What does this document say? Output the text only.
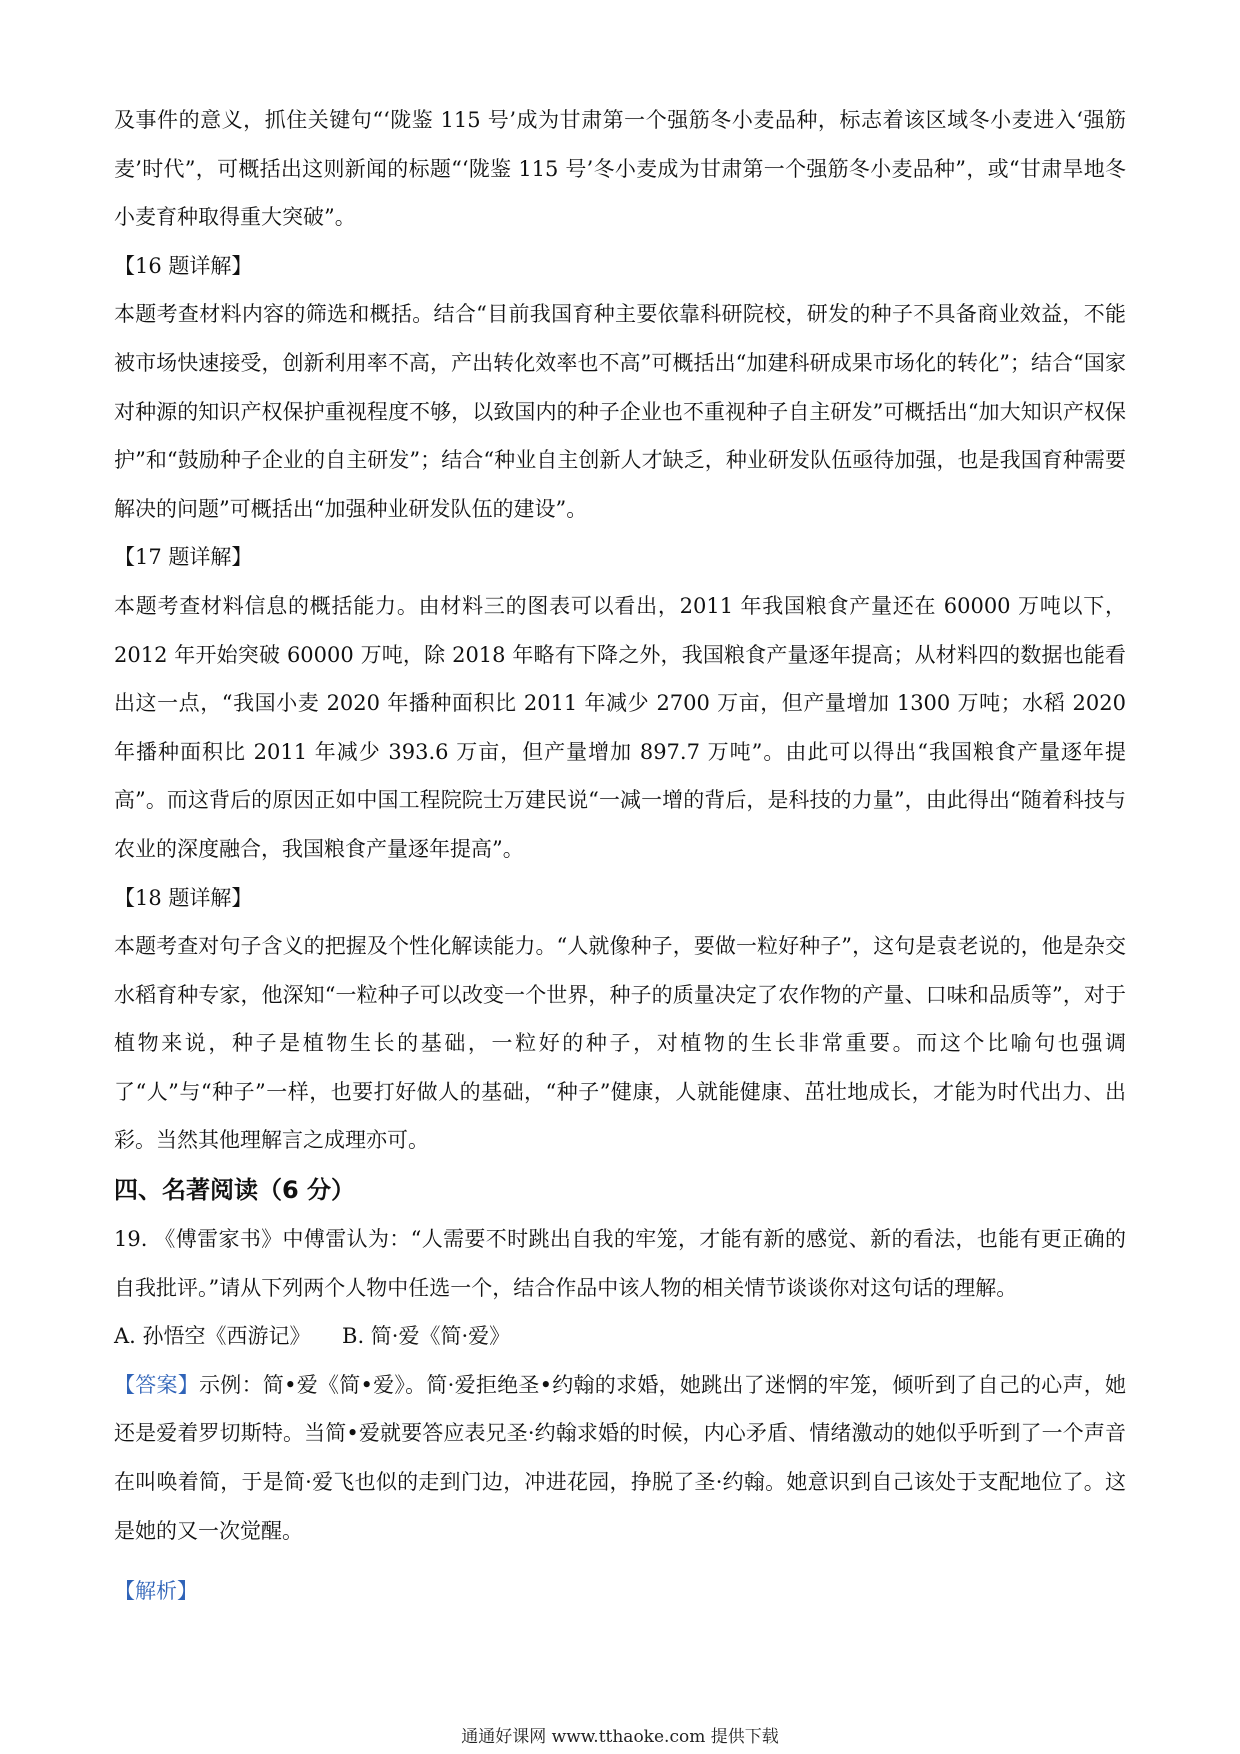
及事件的意义，抓住关键句“‘陇鉴 115 号’成为甘肃第一个强筋冬小麦品种，标志着该区域冬小麦进入‘强筋麦’时代”，可概括出这则新闻的标题“‘陇鉴 115 号’冬小麦成为甘肃第一个强筋冬小麦品种”，或“甘肃旱地冬小麦育种取得重大突破”。

【16 题详解】

本题考查材料内容的筛选和概括。结合“目前我国育种主要依靠科研院校，研发的种子不具备商业效益，不能被市场快速接受，创新利用率不高，产出转化效率也不高”可概括出“加建科研成果市场化的转化”；结合“国家对种源的知识产权保护重视程度不够，以致国内的种子企业也不重视种子自主研发”可概括出“加大知识产权保护”和“鼓励种子企业的自主研发”；结合“种业自主创新人才缺乏，种业研发队伍亟待加强，也是我国育种需要解决的问题”可概括出“加强种业研发队伍的建设”。

【17 题详解】

本题考查材料信息的概括能力。由材料三的图表可以看出，2011 年我国粮食产量还在 60000 万吨以下，2012 年开始突破 60000 万吨，除 2018 年略有下降之外，我国粮食产量逐年提高；从材料四的数据也能看出这一点，“我国小麦 2020 年播种面积比 2011 年减少 2700 万亩，但产量增加 1300 万吨；水稻 2020 年播种面积比 2011 年减少 393.6 万亩，但产量增加 897.7 万吨”。由此可以得出“我国粮食产量逐年提高”。而这背后的原因正如中国工程院院士万建民说“一减一增的背后，是科技的力量”，由此得出“随着科技与农业的深度融合，我国粮食产量逐年提高”。

【18 题详解】

本题考查对句子含义的把握及个性化解读能力。“人就像种子，要做一粒好种子”，这句是袁老说的，他是杂交水稻育种专家，他深知“一粒种子可以改变一个世界，种子的质量决定了农作物的产量、口味和品质等”，对于植物来说，种子是植物生长的基础，一粒好的种子，对植物的生长非常重要。而这个比喻句也强调了“人”与“种子”一样，也要打好做人的基础，“种子”健康，人就能健康、茁壮地成长，才能为时代出力、出彩。当然其他理解言之成理亦可。

四、名著阅读（6 分）

19. 《傅雷家书》中傅雷认为：“人需要不时跳出自我的牢笼，才能有新的感觉、新的看法，也能有更正确的自我批评。”请从下列两个人物中任选一个，结合作品中该人物的相关情节谈谈你对这句话的理解。

A. 孙悟空《西游记》　　B. 简·爱《简·爱》

【答案】示例：简•爱《简•爱》。简·爱拒绝圣•约翰的求婚，她跳出了迷惘的牢笼，倾听到了自己的心声，她还是爱着罗切斯特。当简•爱就要答应表兄圣·约翰求婚的时候，内心矛盾、情绪激动的她似乎听到了一个声音在叫唤着简，于是简·爱飞也似的走到门边，冲进花园，挣脱了圣·约翰。她意识到自己该处于支配地位了。这是她的又一次觉醒。

【解析】

通通好课网 www.tthaoke.com 提供下载
